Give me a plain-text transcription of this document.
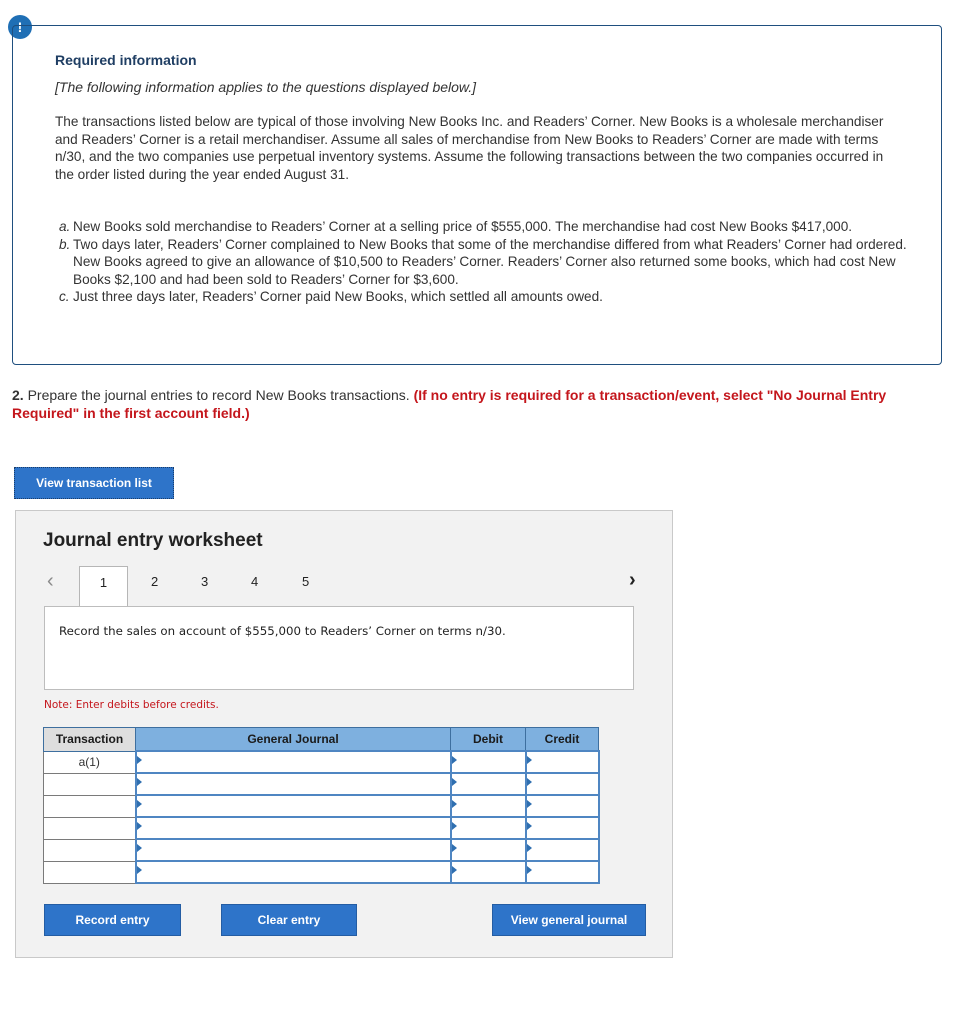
!
Required information
[The following information applies to the questions displayed below.]
The transactions listed below are typical of those involving New Books Inc. and Readers’ Corner. New Books is a wholesale merchandiser and Readers’ Corner is a retail merchandiser. Assume all sales of merchandise from New Books to Readers’ Corner are made with terms n/30, and the two companies use perpetual inventory systems. Assume the following transactions between the two companies occurred in the order listed during the year ended August 31.
a. New Books sold merchandise to Readers’ Corner at a selling price of $555,000. The merchandise had cost New Books $417,000.
b. Two days later, Readers’ Corner complained to New Books that some of the merchandise differed from what Readers’ Corner had ordered. New Books agreed to give an allowance of $10,500 to Readers’ Corner. Readers’ Corner also returned some books, which had cost New Books $2,100 and had been sold to Readers’ Corner for $3,600.
c. Just three days later, Readers’ Corner paid New Books, which settled all amounts owed.
2. Prepare the journal entries to record New Books transactions. (If no entry is required for a transaction/event, select "No Journal Entry Required" in the first account field.)
View transaction list
Journal entry worksheet
‹	1	2	3	4	5	›
Record the sales on account of $555,000 to Readers’ Corner on terms n/30.
Note: Enter debits before credits.
Transaction	General Journal	Debit	Credit
a(1)	

Record entry	Clear entry	View general journal
